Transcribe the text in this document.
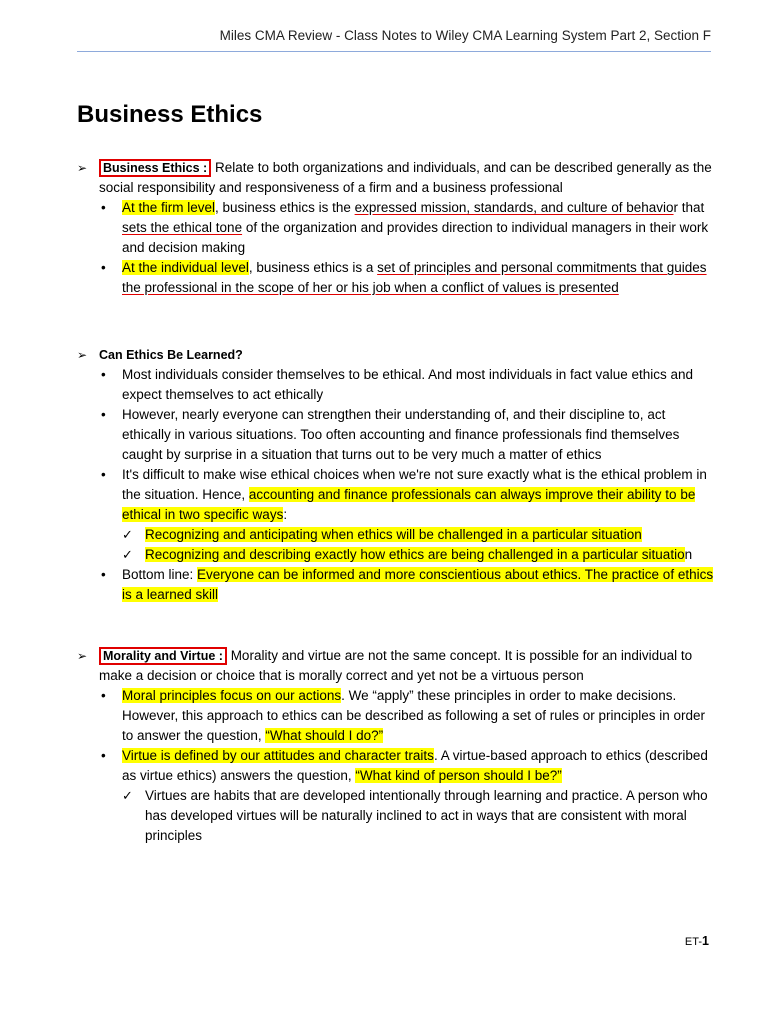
Miles CMA Review - Class Notes to Wiley CMA Learning System Part 2, Section F
Business Ethics
➢ Business Ethics : Relate to both organizations and individuals, and can be described generally as the social responsibility and responsiveness of a firm and a business professional
• At the firm level, business ethics is the expressed mission, standards, and culture of behavior that sets the ethical tone of the organization and provides direction to individual managers in their work and decision making
• At the individual level, business ethics is a set of principles and personal commitments that guides the professional in the scope of her or his job when a conflict of values is presented
➢ Can Ethics Be Learned?
• Most individuals consider themselves to be ethical. And most individuals in fact value ethics and expect themselves to act ethically
• However, nearly everyone can strengthen their understanding of, and their discipline to, act ethically in various situations. Too often accounting and finance professionals find themselves caught by surprise in a situation that turns out to be very much a matter of ethics
• It's difficult to make wise ethical choices when we're not sure exactly what is the ethical problem in the situation. Hence, accounting and finance professionals can always improve their ability to be ethical in two specific ways:
✓ Recognizing and anticipating when ethics will be challenged in a particular situation
✓ Recognizing and describing exactly how ethics are being challenged in a particular situation
• Bottom line: Everyone can be informed and more conscientious about ethics. The practice of ethics is a learned skill
➢ Morality and Virtue : Morality and virtue are not the same concept. It is possible for an individual to make a decision or choice that is morally correct and yet not be a virtuous person
• Moral principles focus on our actions. We “apply” these principles in order to make decisions. However, this approach to ethics can be described as following a set of rules or principles in order to answer the question, “What should I do?”
• Virtue is defined by our attitudes and character traits. A virtue-based approach to ethics (described as virtue ethics) answers the question, “What kind of person should I be?”
✓ Virtues are habits that are developed intentionally through learning and practice. A person who has developed virtues will be naturally inclined to act in ways that are consistent with moral principles
ET-1
